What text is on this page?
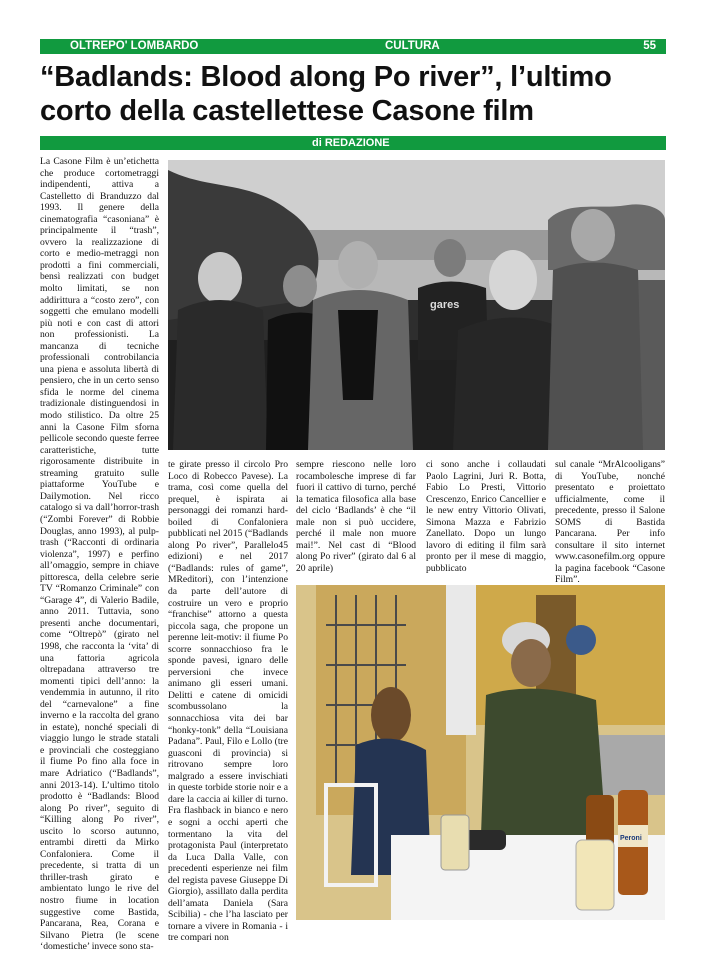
OLTREPO' LOMBARDO	CULTURA	55
“Badlands: Blood along Po river”, l’ultimo corto della castellettese Casone film
di REDAZIONE

La Casone Film è un’etichetta che produce cortometraggi indipendenti, attiva a Castelletto di Branduzzo dal 1993. Il genere della cinematografia “casoniana” è principalmente il “trash”, ovvero la realizzazione di corto e medio-metraggi non prodotti a fini commerciali, bensì realizzati con budget molto limitati, se non addirittura a “costo zero”, con soggetti che emulano modelli più noti e con cast di attori non professionisti. La mancanza di tecniche professionali controbilancia una piena e assoluta libertà di pensiero, che in un certo senso sfida le norme del cinema tradizionale distinguendosi in modo stilistico. Da oltre 25 anni la Casone Film sforna pellicole secondo queste ferree caratteristiche, tutte rigorosamente distribuite in streaming gratuito sulle piattaforme YouTube e Dailymotion. Nel ricco catalogo si va dall’horror-trash (“Zombi Forever” di Robbie Douglas, anno 1993), al pulp-trash (“Racconti di ordinaria violenza”, 1997) e perfino all’omaggio, sempre in chiave pittoresca, della celebre serie TV “Romanzo Criminale” con “Garage 4”, di Valerio Badile, anno 2011. Tuttavia, sono presenti anche documentari, come “Oltrepò” (girato nel 1998, che racconta la ‘vita’ di una fattoria agricola oltrepadana attraverso tre momenti tipici dell’anno: la vendemmia in autunno, il rito del “carnevalone” a fine inverno e la raccolta del grano in estate), nonché speciali di viaggio lungo le strade statali e provinciali che costeggiano il fiume Po fino alla foce in mare Adriatico (“Badlands”, anni 2013-14). L’ultimo titolo prodotto è “Badlands: Blood along Po river”, seguito di “Killing along Po river”, uscito lo scorso autunno, entrambi diretti da Mirko Confaloniera. Come il precedente, si tratta di un thriller-trash girato e ambientato lungo le rive del nostro fiume in location suggestive come Bastida, Pancarana, Rea, Corana e Silvano Pietra (le scene ‘domestiche’ invece sono sta-

gares

te girate presso il circolo Pro Loco di Robecco Pavese). La trama, così come quella del prequel, è ispirata ai personaggi dei romanzi hard-boiled di Confaloniera pubblicati nel 2015 (“Badlands along Po river”, Parallelo45 edizioni) e nel 2017 (“Badlands: rules of game”, MReditori), con l’intenzione da parte dell’autore di costruire un vero e proprio “franchise” attorno a questa piccola saga, che propone un perenne leit-motiv: il fiume Po scorre sonnacchioso fra le sponde pavesi, ignaro delle perversioni che invece animano gli esseri umani. Delitti e catene di omicidi scombussolano la sonnacchiosa vita dei bar “honky-tonk” della “Louisiana Padana”. Paul, Filo e Lollo (tre guasconi di provincia) si ritrovano sempre loro malgrado a essere invischiati in queste torbide storie noir e a dare la caccia ai killer di turno. Fra flashback in bianco e nero e sogni a occhi aperti che tormentano la vita del protagonista Paul (interpretato da Luca Dalla Valle, con precedenti esperienze nei film del regista pavese Giuseppe Di Giorgio), assillato dalla perdita dell’amata Daniela (Sara Scibilia) - che l’ha lasciato per tornare a vivere in Romania - i tre compari non

sempre riescono nelle loro rocambolesche imprese di far fuori il cattivo di turno, perché la tematica filosofica alla base del ciclo ‘Badlands’ è che “il male non si può uccidere, perché il male non muore mai!”. Nel cast di “Blood along Po river” (girato dal 6 al 20 aprile)

ci sono anche i collaudati Paolo Lagrini, Juri R. Botta, Fabio Lo Presti, Vittorio Crescenzo, Enrico Cancellier e le new entry Vittorio Olivati, Simona Mazza e Fabrizio Zanellato. Dopo un lungo lavoro di editing il film sarà pronto per il mese di maggio, pubblicato

sul canale “MrAlcooligans” di YouTube, nonché presentato e proiettato ufficialmente, come il precedente, presso il Salone SOMS di Bastida Pancarana. Per info consultare il sito internet www.casonefilm.org oppure la pagina facebook “Casone Film”.

Peroni
